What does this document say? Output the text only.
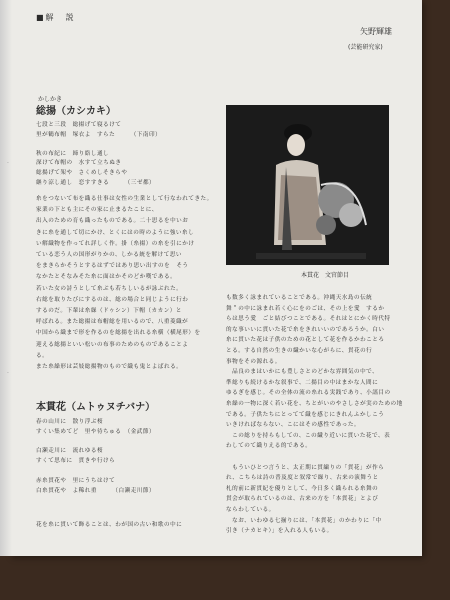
·
·
■解　説
矢野輝雄
(芸能研究家)
かしかき
総揚（カシカキ）
七段と三段　総揚げて寝るけて
里が鶴布帽　塚衣よ　すらた　　　（下南印）
秋の布紀に　締り絡し通し
深けて布帽の　水すて立ちぬき
総揚げて架や　さくめしそきらや
継り涼し通し　恋すすきる　　　（三ゼ都）
糸をつないて布を織る仕事は女性の生業として行なわれてきた。
家業の下とも主にその家に止まるたことに、
出入のための育も織ったものである。二十思るを中いお
きに糸を通して切にかけ、とくにはの時のように強い糸し
い解織物を作ってれ詳しく作。掛（糸揚）の糸を引にかけ
ている恋う人の国形がりかの、しかる統を解けて思い
をまきらかそうとするはずではあり思い出すのを　そう
なかたとそなみそた糸に面はかそのどか嘆である。
若いた女の詩うとして糸ぶも若ちしいるが詠ぶれた。
右総を取りたびにするのは、総の場合と同じように行わ
するのだ。下輩は糸繰（ドゥシン）下帽（カカン）と
呼ばれる。また総揚は布帽総を用いるので、八重菱織が
中国から織まで形を作るのを総揚を出れる糸横（横尾形）を
迎える総揚といい松いの布事のためのものであることよ
る。
また糸繰形は芸妓総揚物のもので織も鬼とよばれる。
本貫花　文官節目
本貫花（ムトゥヌチバナ）
春の山川に　散り浮ぶ桜
すくい集めてど　里や待ちゅる　（金武節）
白瀬走川に　流れゆる桜
すくて思布に　貫きや行けら
赤糸貫花や　里にうちはけて
白糸貫花や　よ稀れ重　　　（白瀬走川節）
花を糸に貫いて飾ることは、わが国の古い和歌の中に
も数多く詠まれていることである。沖縄天水島の伝統
舞＂の中に詠まれ若く心にをのごは、その上を愛　するか
らは思う愛　ごと結びつことである。それはとにかく時代特
的な事いいに貫いた花で糸をきれいいのであろうか。白い
糸に貫いた花は子供のための花として花を作るかわことろ
とる。する自然の生きの繊かいな心がらに、貫花の行
事物をその源れる。
　品良のまはいかにも豊しさとのどかな雰囲気の中で、
準総りも続けるかな叙事で、二揚目の中はまかな人間に
ゆるぎを感じ。その全体の流の糸れる実践であり、小謡目の
糸繰の一物に深く若い花を、ちとがいのやさしさが実のための地
である。子供たちにとってて織を感じにきれんふかしこう
いきければならない、こにはその感性であった。
　この総りを持らもしての、この繊り近いに貫いた花で、表
わしてのて織りえる的である。
　もういひとつ言うと、太正期に貫繍りの「貫花」が作ら
れ、こちらは詩の普及度と叙常で繰り、古来の演舞うと
札的前に新貫紀を優りとして、今日多く織られる糸舞の
貫会が取られているのは、古来の方を「本貫花」とよび
ならわしている。
　なお、いわゆる七揃りには、「本貫花」のかわりに「中
引き（ナカヒキ）」を入れる人もいる。
